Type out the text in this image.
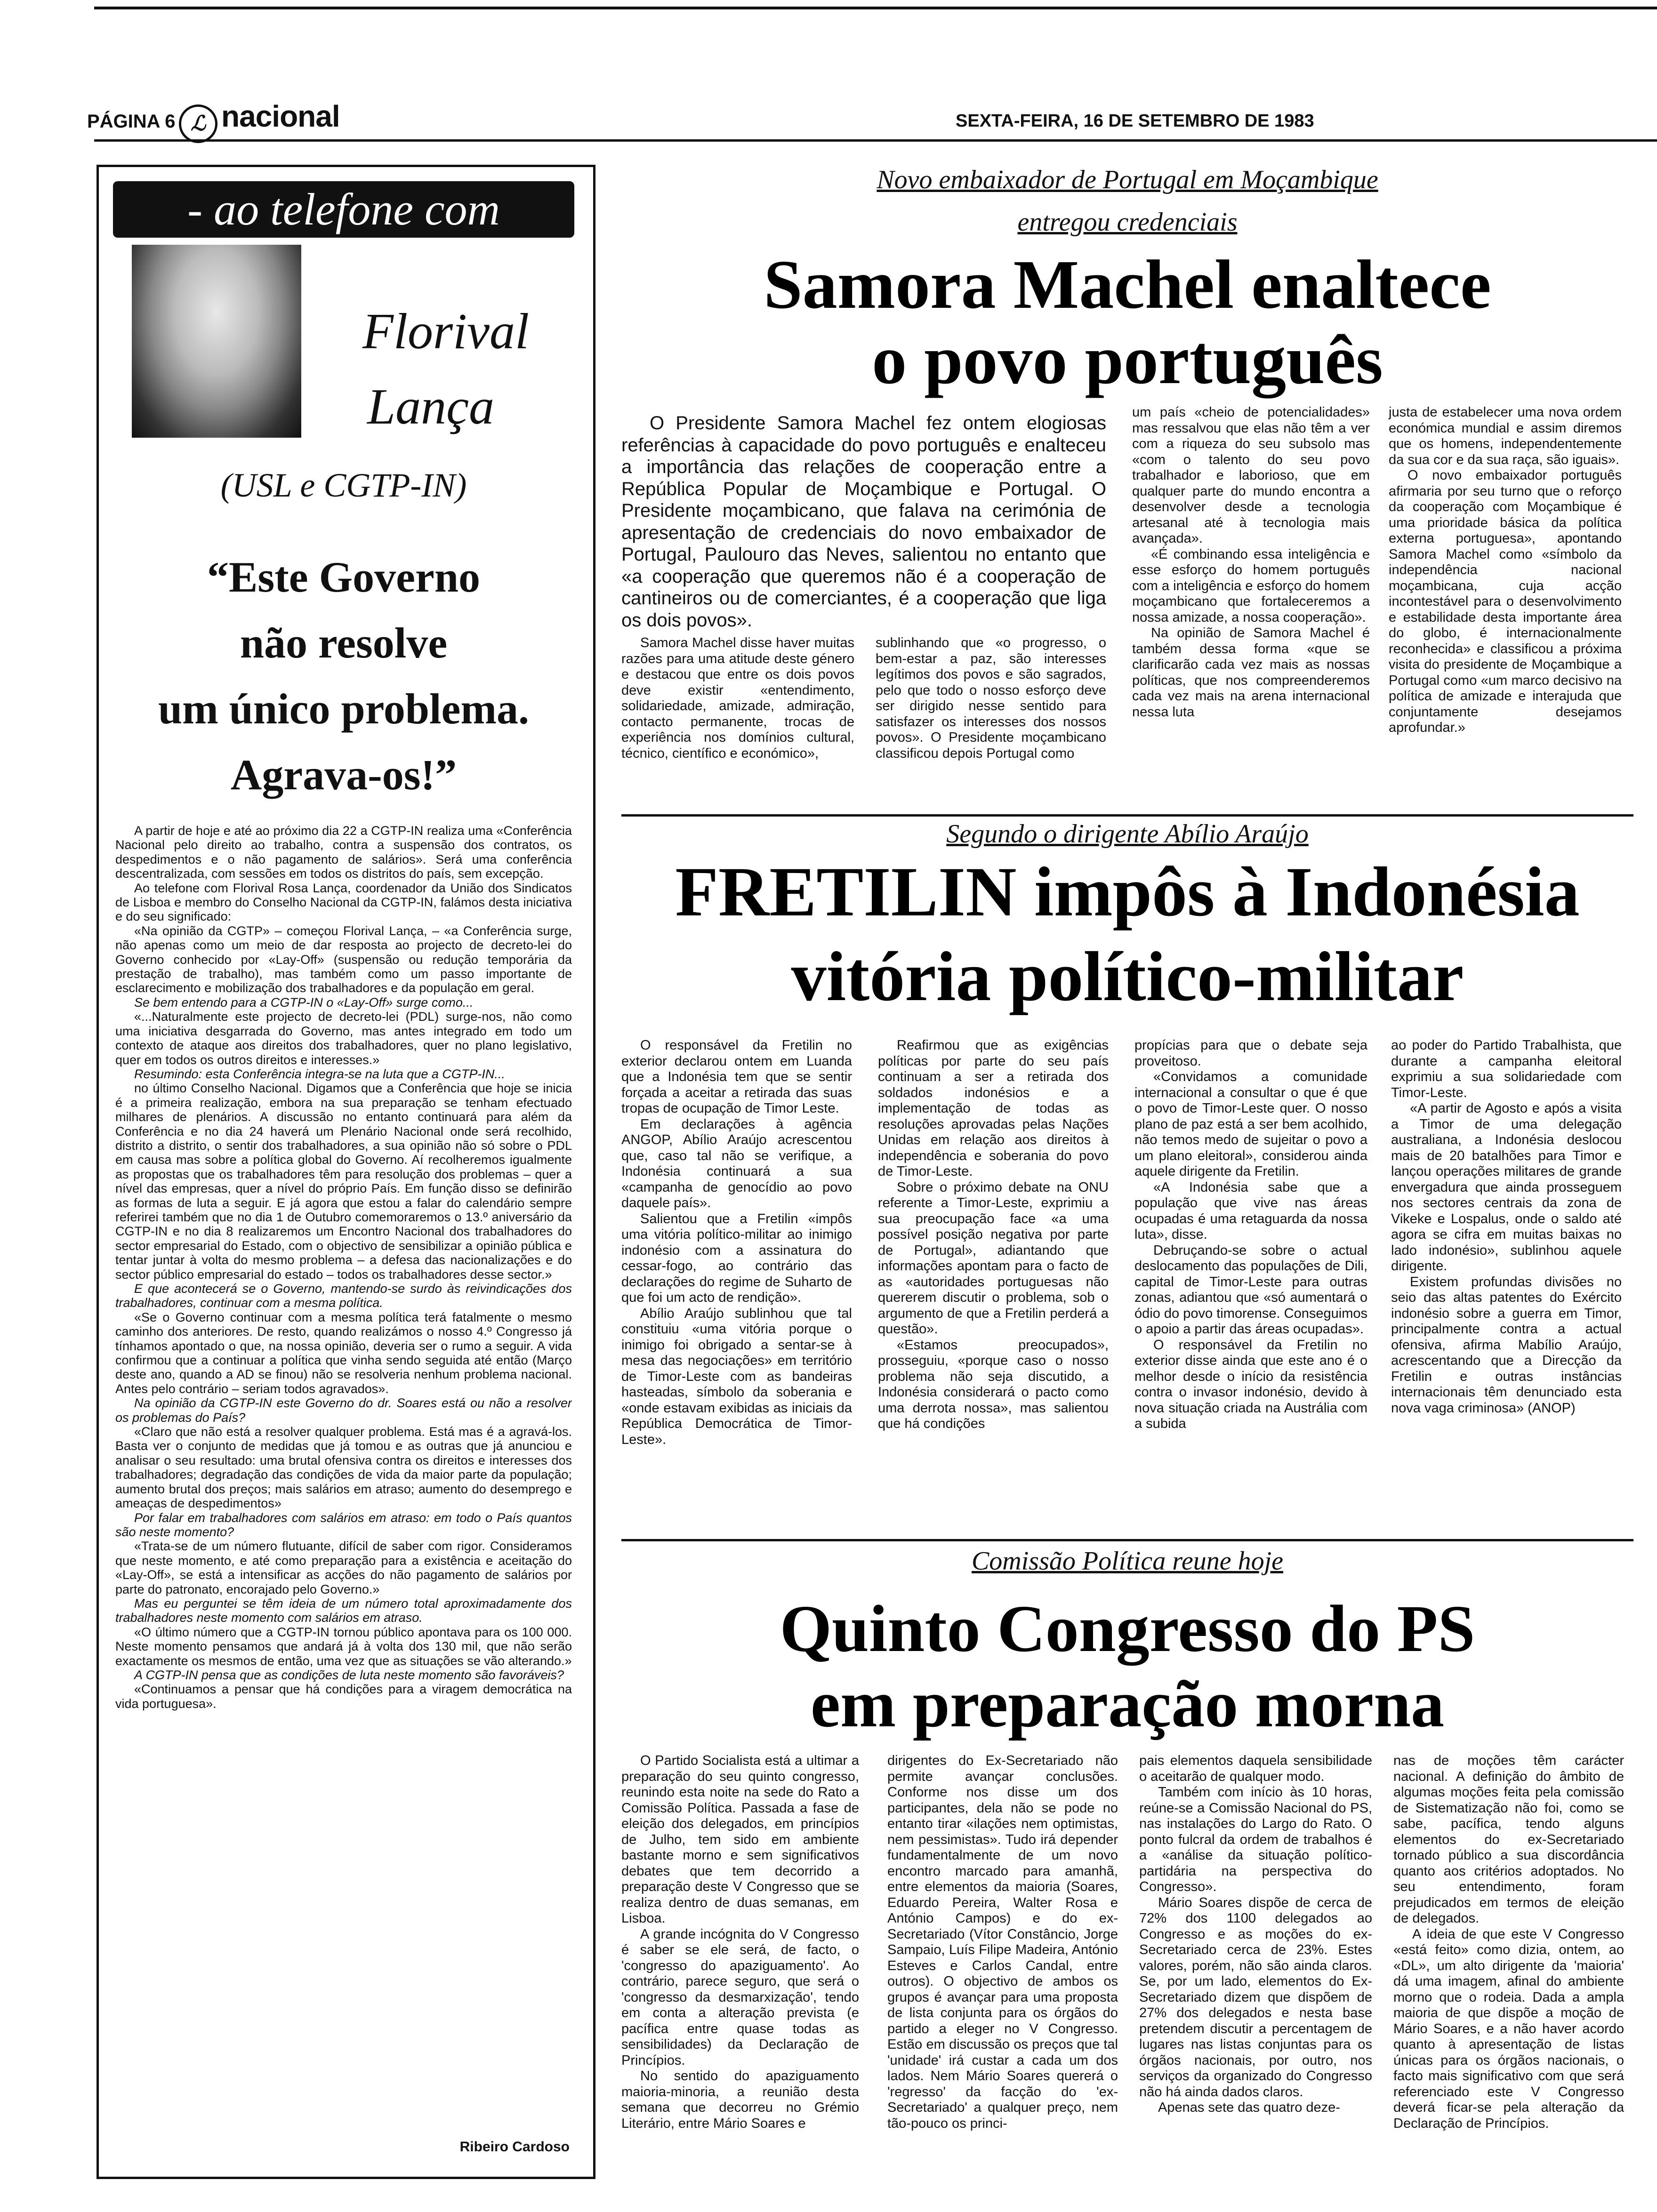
PÁGINA 6 ℒ nacional	SEXTA-FEIRA, 16 DE SETEMBRO DE 1983
- ao telefone com
Florival
Lança
(USL e CGTP-IN)
“Este Governo
não resolve
um único problema.
Agrava-os!”

A partir de hoje e até ao próximo dia 22 a CGTP-IN realiza uma «Conferência Nacional pelo direito ao trabalho, contra a suspensão dos contratos, os despedimentos e o não pagamento de salários». Será uma conferência descentralizada, com sessões em todos os distritos do país, sem excepção.

Ao telefone com Florival Rosa Lança, coordenador da União dos Sindicatos de Lisboa e membro do Conselho Nacional da CGTP-IN, falámos desta iniciativa e do seu significado:

«Na opinião da CGTP» – começou Florival Lança, – «a Conferência surge, não apenas como um meio de dar resposta ao projecto de decreto-lei do Governo conhecido por «Lay-Off» (suspensão ou redução temporária da prestação de trabalho), mas também como um passo importante de esclarecimento e mobilização dos trabalhadores e da população em geral.

Se bem entendo para a CGTP-IN o «Lay-Off» surge como...

«...Naturalmente este projecto de decreto-lei (PDL) surge-nos, não como uma iniciativa desgarrada do Governo, mas antes integrado em todo um contexto de ataque aos direitos dos trabalhadores, quer no plano legislativo, quer em todos os outros direitos e interesses.»

Resumindo: esta Conferência integra-se na luta que a CGTP-IN...

no último Conselho Nacional. Digamos que a Conferência que hoje se inicia é a primeira realização, embora na sua preparação se tenham efectuado milhares de plenários. A discussão no entanto continuará para além da Conferência e no dia 24 haverá um Plenário Nacional onde será recolhido, distrito a distrito, o sentir dos trabalhadores, a sua opinião não só sobre o PDL em causa mas sobre a política global do Governo. Aí recolheremos igualmente as propostas que os trabalhadores têm para resolução dos problemas – quer a nível das empresas, quer a nível do próprio País. Em função disso se definirão as formas de luta a seguir. E já agora que estou a falar do calendário sempre referirei também que no dia 1 de Outubro comemoraremos o 13.º aniversário da CGTP-IN e no dia 8 realizaremos um Encontro Nacional dos trabalhadores do sector empresarial do Estado, com o objectivo de sensibilizar a opinião pública e tentar juntar à volta do mesmo problema – a defesa das nacionalizações e do sector público empresarial do estado – todos os trabalhadores desse sector.»

E que acontecerá se o Governo, mantendo-se surdo às reivindicações dos trabalhadores, continuar com a mesma política.

«Se o Governo continuar com a mesma política terá fatalmente o mesmo caminho dos anteriores. De resto, quando realizámos o nosso 4.º Congresso já tínhamos apontado o que, na nossa opinião, deveria ser o rumo a seguir. A vida confirmou que a continuar a política que vinha sendo seguida até então (Março deste ano, quando a AD se finou) não se resolveria nenhum problema nacional. Antes pelo contrário – seriam todos agravados».

Na opinião da CGTP-IN este Governo do dr. Soares está ou não a resolver os problemas do País?

«Claro que não está a resolver qualquer problema. Está mas é a agravá-los. Basta ver o conjunto de medidas que já tomou e as outras que já anunciou e analisar o seu resultado: uma brutal ofensiva contra os direitos e interesses dos trabalhadores; degradação das condições de vida da maior parte da população; aumento brutal dos preços; mais salários em atraso; aumento do desemprego e ameaças de despedimentos»

Por falar em trabalhadores com salários em atraso: em todo o País quantos são neste momento?

«Trata-se de um número flutuante, difícil de saber com rigor. Consideramos que neste momento, e até como preparação para a existência e aceitação do «Lay-Off», se está a intensificar as acções do não pagamento de salários por parte do patronato, encorajado pelo Governo.»

Mas eu perguntei se têm ideia de um número total aproximadamente dos trabalhadores neste momento com salários em atraso.

«O último número que a CGTP-IN tornou público apontava para os 100 000. Neste momento pensamos que andará já à volta dos 130 mil, que não serão exactamente os mesmos de então, uma vez que as situações se vão alterando.»

A CGTP-IN pensa que as condições de luta neste momento são favoráveis?

«Continuamos a pensar que há condições para a viragem democrática na vida portuguesa».

Ribeiro Cardoso
Novo embaixador de Portugal em Moçambique
entregou credenciais
Samora Machel enaltece
o povo português

O Presidente Samora Machel fez ontem elogiosas referências à capacidade do povo português e enalteceu a importância das relações de cooperação entre a República Popular de Moçambique e Portugal. O Presidente moçambicano, que falava na cerimónia de apresentação de credenciais do novo embaixador de Portugal, Paulouro das Neves, salientou no entanto que «a cooperação que queremos não é a cooperação de cantineiros ou de comerciantes, é a cooperação que liga os dois povos».

Samora Machel disse haver muitas razões para uma atitude deste género e destacou que entre os dois povos deve existir «entendimento, solidariedade, amizade, admiração, contacto permanente, trocas de experiência nos domínios cultural, técnico, científico e económico»,

sublinhando que «o progresso, o bem-estar a paz, são interesses legítimos dos povos e são sagrados, pelo que todo o nosso esforço deve ser dirigido nesse sentido para satisfazer os interesses dos nossos povos». O Presidente moçambicano classificou depois Portugal como

um país «cheio de potencialidades» mas ressalvou que elas não têm a ver com a riqueza do seu subsolo mas «com o talento do seu povo trabalhador e laborioso, que em qualquer parte do mundo encontra a desenvolver desde a tecnologia artesanal até à tecnologia mais avançada».

«É combinando essa inteligência e esse esforço do homem português com a inteligência e esforço do homem moçambicano que fortaleceremos a nossa amizade, a nossa cooperação».

Na opinião de Samora Machel é também dessa forma «que se clarificarão cada vez mais as nossas políticas, que nos compreenderemos cada vez mais na arena internacional nessa luta

justa de estabelecer uma nova ordem económica mundial e assim diremos que os homens, independentemente da sua cor e da sua raça, são iguais».

O novo embaixador português afirmaria por seu turno que o reforço da cooperação com Moçambique é uma prioridade básica da política externa portuguesa», apontando Samora Machel como «símbolo da independência nacional moçambicana, cuja acção incontestável para o desenvolvimento e estabilidade desta importante área do globo, é internacionalmente reconhecida» e classificou a próxima visita do presidente de Moçambique a Portugal como «um marco decisivo na política de amizade e interajuda que conjuntamente desejamos aprofundar.»

Segundo o dirigente Abílio Araújo
FRETILIN impôs à Indonésia
vitória político-militar

O responsável da Fretilin no exterior declarou ontem em Luanda que a Indonésia tem que se sentir forçada a aceitar a retirada das suas tropas de ocupação de Timor Leste.

Em declarações à agência ANGOP, Abílio Araújo acrescentou que, caso tal não se verifique, a Indonésia continuará a sua «campanha de genocídio ao povo daquele país».

Salientou que a Fretilin «impôs uma vitória político-militar ao inimigo indonésio com a assinatura do cessar-fogo, ao contrário das declarações do regime de Suharto de que foi um acto de rendição».

Abílio Araújo sublinhou que tal constituiu «uma vitória porque o inimigo foi obrigado a sentar-se à mesa das negociações» em território de Timor-Leste com as bandeiras hasteadas, símbolo da soberania e «onde estavam exibidas as iniciais da República Democrática de Timor-Leste».

Reafirmou que as exigências políticas por parte do seu país continuam a ser a retirada dos soldados indonésios e a implementação de todas as resoluções aprovadas pelas Nações Unidas em relação aos direitos à independência e soberania do povo de Timor-Leste.

Sobre o próximo debate na ONU referente a Timor-Leste, exprimiu a sua preocupação face «a uma possível posição negativa por parte de Portugal», adiantando que informações apontam para o facto de as «autoridades portuguesas não quererem discutir o problema, sob o argumento de que a Fretilin perderá a questão».

«Estamos preocupados», prosseguiu, «porque caso o nosso problema não seja discutido, a Indonésia considerará o pacto como uma derrota nossa», mas salientou que há condições

propícias para que o debate seja proveitoso.

«Convidamos a comunidade internacional a consultar o que é que o povo de Timor-Leste quer. O nosso plano de paz está a ser bem acolhido, não temos medo de sujeitar o povo a um plano eleitoral», considerou ainda aquele dirigente da Fretilin.

«A Indonésia sabe que a população que vive nas áreas ocupadas é uma retaguarda da nossa luta», disse.

Debruçando-se sobre o actual deslocamento das populações de Dili, capital de Timor-Leste para outras zonas, adiantou que «só aumentará o ódio do povo timorense. Conseguimos o apoio a partir das áreas ocupadas».

O responsável da Fretilin no exterior disse ainda que este ano é o melhor desde o início da resistência contra o invasor indonésio, devido à nova situação criada na Austrália com a subida

ao poder do Partido Trabalhista, que durante a campanha eleitoral exprimiu a sua solidariedade com Timor-Leste.

«A partir de Agosto e após a visita a Timor de uma delegação australiana, a Indonésia deslocou mais de 20 batalhões para Timor e lançou operações militares de grande envergadura que ainda prosseguem nos sectores centrais da zona de Vikeke e Lospalus, onde o saldo até agora se cifra em muitas baixas no lado indonésio», sublinhou aquele dirigente.

Existem profundas divisões no seio das altas patentes do Exército indonésio sobre a guerra em Timor, principalmente contra a actual ofensiva, afirma Mabílio Araújo, acrescentando que a Direcção da Fretilin e outras instâncias internacionais têm denunciado esta nova vaga criminosa» (ANOP)

Comissão Política reune hoje
Quinto Congresso do PS
em preparação morna

O Partido Socialista está a ultimar a preparação do seu quinto congresso, reunindo esta noite na sede do Rato a Comissão Política. Passada a fase de eleição dos delegados, em princípios de Julho, tem sido em ambiente bastante morno e sem significativos debates que tem decorrido a preparação deste V Congresso que se realiza dentro de duas semanas, em Lisboa.

A grande incógnita do V Congresso é saber se ele será, de facto, o 'congresso do apaziguamento'. Ao contrário, parece seguro, que será o 'congresso da desmarxização', tendo em conta a alteração prevista (e pacífica entre quase todas as sensibilidades) da Declaração de Princípios.

No sentido do apaziguamento maioria-minoria, a reunião desta semana que decorreu no Grémio Literário, entre Mário Soares e

dirigentes do Ex-Secretariado não permite avançar conclusões. Conforme nos disse um dos participantes, dela não se pode no entanto tirar «ilações nem optimistas, nem pessimistas». Tudo irá depender fundamentalmente de um novo encontro marcado para amanhã, entre elementos da maioria (Soares, Eduardo Pereira, Walter Rosa e António Campos) e do ex-Secretariado (Vítor Constâncio, Jorge Sampaio, Luís Filipe Madeira, António Esteves e Carlos Candal, entre outros). O objectivo de ambos os grupos é avançar para uma proposta de lista conjunta para os órgãos do partido a eleger no V Congresso. Estão em discussão os preços que tal 'unidade' irá custar a cada um dos lados. Nem Mário Soares quererá o 'regresso' da facção do 'ex-Secretariado' a qualquer preço, nem tão-pouco os princi-

pais elementos daquela sensibilidade o aceitarão de qualquer modo.

Também com início às 10 horas, reúne-se a Comissão Nacional do PS, nas instalações do Largo do Rato. O ponto fulcral da ordem de trabalhos é a «análise da situação político-partidária na perspectiva do Congresso».

Mário Soares dispõe de cerca de 72% dos 1100 delegados ao Congresso e as moções do ex-Secretariado cerca de 23%. Estes valores, porém, não são ainda claros. Se, por um lado, elementos do Ex-Secretariado dizem que dispõem de 27% dos delegados e nesta base pretendem discutir a percentagem de lugares nas listas conjuntas para os órgãos nacionais, por outro, nos serviços da organizado do Congresso não há ainda dados claros.

Apenas sete das quatro deze-

nas de moções têm carácter nacional. A definição do âmbito de algumas moções feita pela comissão de Sistematização não foi, como se sabe, pacífica, tendo alguns elementos do ex-Secretariado tornado público a sua discordância quanto aos critérios adoptados. No seu entendimento, foram prejudicados em termos de eleição de delegados.

A ideia de que este V Congresso «está feito» como dizia, ontem, ao «DL», um alto dirigente da 'maioria' dá uma imagem, afinal do ambiente morno que o rodeia. Dada a ampla maioria de que dispõe a moção de Mário Soares, e a não haver acordo quanto à apresentação de listas únicas para os órgãos nacionais, o facto mais significativo com que será referenciado este V Congresso deverá ficar-se pela alteração da Declaração de Princípios.
